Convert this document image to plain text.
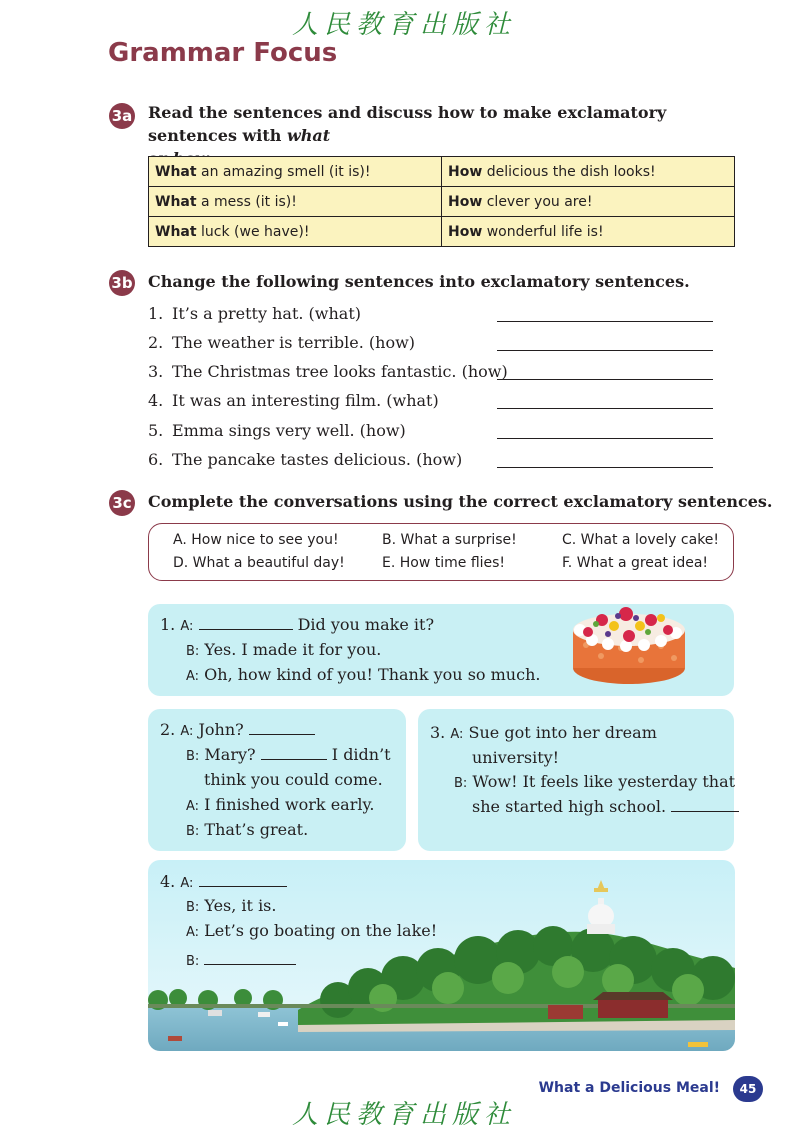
人民教育出版社
Grammar Focus
3a Read the sentences and discuss how to make exclamatory sentences with what

What an amazing smell (it is)!	How delicious the dish looks!
What a mess (it is)!	How clever you are!
What luck (we have)!	How wonderful life is!
3b Change the following sentences into exclamatory sentences.
1. It’s a pretty hat. (what)
2. The weather is terrible. (how)
3. The Christmas tree looks fantastic. (how)
4. It was an interesting film. (what)
5. Emma sings very well. (how)
6. The pancake tastes delicious. (how)
3c Complete the conversations using the correct exclamatory sentences.
A. How nice to see you!	B. What a surprise!	C. What a lovely cake!
D. What a beautiful day!	E. How time flies!	F. What a great idea!
1. A:	Did you make it?
B: Yes. I made it for you.
A: Oh, how kind of you! Thank you so much.
2. A: John?
B: Mary?	I didn’t
think you could come.
A: I finished work early.
B: That’s great.
3. A: Sue got into her dream
university!
B: Wow! It feels like yesterday that
she started high school.
4. A:
B: Yes, it is.
A: Let’s go boating on the lake!
B:
What a Delicious Meal!	45
人民教育出版社
